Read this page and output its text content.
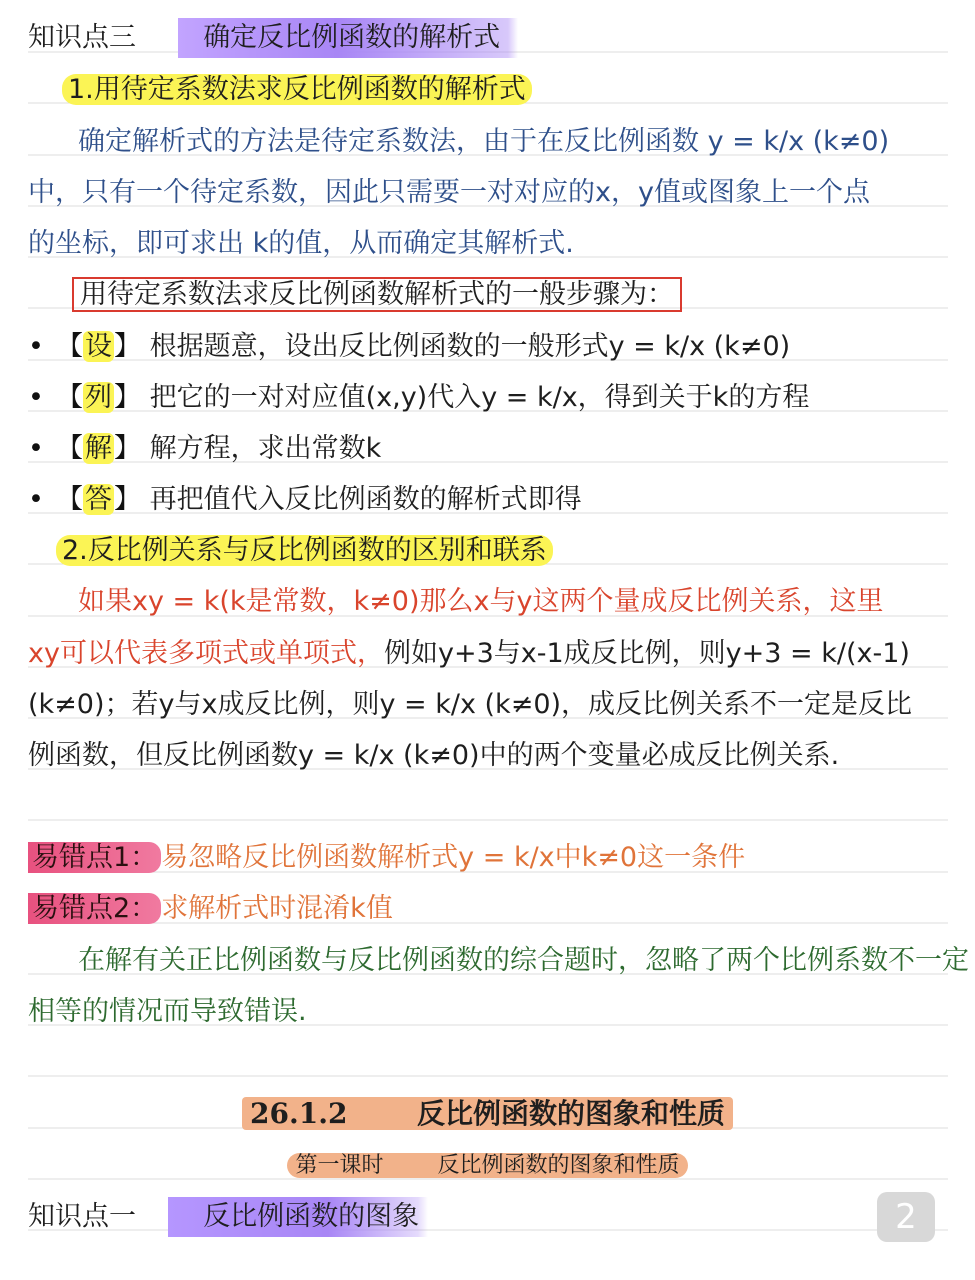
知识点三 确定反比例函数的解析式
1.用待定系数法求反比例函数的解析式
确定解析式的方法是待定系数法，由于在反比例函数 y = k/x (k≠0)
中，只有一个待定系数，因此只需要一对对应的x，y值或图象上一个点
的坐标，即可求出 k的值，从而确定其解析式.
用待定系数法求反比例函数解析式的一般步骤为：
• 【设】 根据题意，设出反比例函数的一般形式y = k/x (k≠0)
• 【列】 把它的一对对应值(x,y)代入y = k/x，得到关于k的方程
• 【解】 解方程，求出常数k
• 【答】 再把值代入反比例函数的解析式即得
2.反比例关系与反比例函数的区别和联系
如果xy = k(k是常数，k≠0)那么x与y这两个量成反比例关系，这里
xy可以代表多项式或单项式，例如y+3与x-1成反比例，则y+3 = k/(x-1)
(k≠0)；若y与x成反比例，则y = k/x (k≠0)，成反比例关系不一定是反比
例函数，但反比例函数y = k/x (k≠0)中的两个变量必成反比例关系.
易错点1： 易忽略反比例函数解析式y = k/x中k≠0这一条件
易错点2： 求解析式时混淆k值
在解有关正比例函数与反比例函数的综合题时，忽略了两个比例系数不一定
相等的情况而导致错误.
26.1.2 反比例函数的图象和性质
第一课时 反比例函数的图象和性质
知识点一 反比例函数的图象	2
